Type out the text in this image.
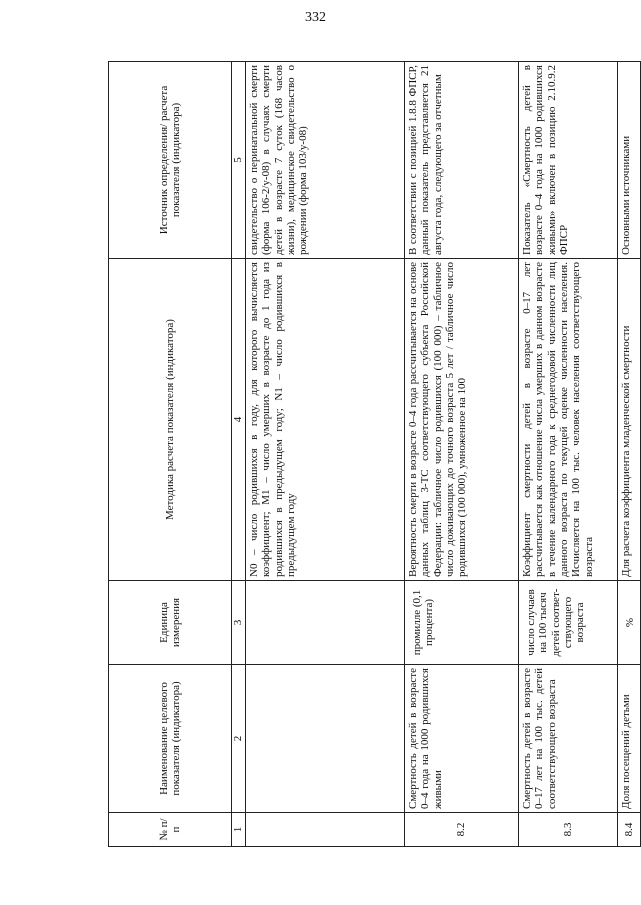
332
№ п/п	Наименование целевого показателя (индикатора)	Единица измерения	Методика расчета показателя (индикатора)	Источник определения/ расчета показателя (индикатора)
1	2	3	4	5
			N0 – число родившихся в году, для которого вычисляется коэффициент; M1 – число умерших в возрасте до 1 года из родившихся в предыдущем году; N1 – число родившихся в предыдущем году	свидетельство о перинатальной смерти (форма 106-2/у-08) в случаях смерти детей в возрасте 7 суток (168 часов жизни), медицинское свидетельство о рождении (форма 103/у-08)
8.2	Смертность детей в возрасте 0–4 года на 1000 родившихся живыми	промилле (0,1 процента)	Вероятность смерти в возрасте 0–4 года рассчитывается на основе данных таблиц 3-ТС соответствующего субъекта Российской Федерации: табличное число родившихся (100 000) – табличное число доживающих до точного возраста 5 лет / табличное число родившихся (100 000), умноженное на 100	В соответствии с позицией 1.8.8 ФПСР, данный показатель представляется 21 августа года, следующего за отчетным
8.3	Смертность детей в возрасте 0–17 лет на 100 тыс. детей соответствующего возраста	число случаев на 100 тысяч детей соответ-ствующего возраста	Коэффициент смертности детей в возрасте 0–17 лет рассчитывается как отношение числа умерших в данном возрасте в течение календарного года к среднегодовой численности лиц данного возраста по текущей оценке численности населения. Исчисляется на 100 тыс. человек населения соответствующего возраста	Показатель «Смертность детей в возрасте 0–4 года на 1000 родившихся живыми» включен в позицию 2.10.9.2 ФПСР
8.4	Доля посещений детьми	%	Для расчета коэффициента младенческой смертности	Основными источниками
